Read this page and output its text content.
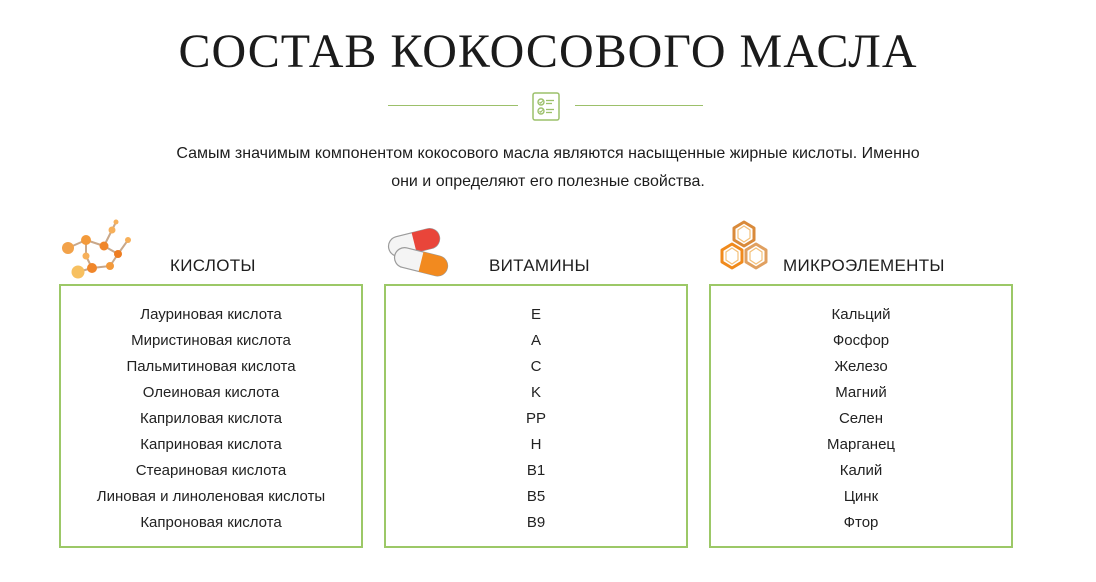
СОСТАВ КОКОСОВОГО МАСЛА
Самым значимым компонентом кокосового масла являются насыщенные жирные кислоты. Именно
они и определяют его полезные свойства.
КИСЛОТЫ
Лауриновая кислота
Миристиновая кислота
Пальмитиновая кислота
Олеиновая кислота
Каприловая кислота
Каприновая кислота
Стеариновая кислота
Линовая и линоленовая кислоты
Капроновая кислота
ВИТАМИНЫ
E
A
C
K
PP
H
B1
B5
B9
МИКРОЭЛЕМЕНТЫ
Кальций
Фосфор
Железо
Магний
Селен
Марганец
Калий
Цинк
Фтор
